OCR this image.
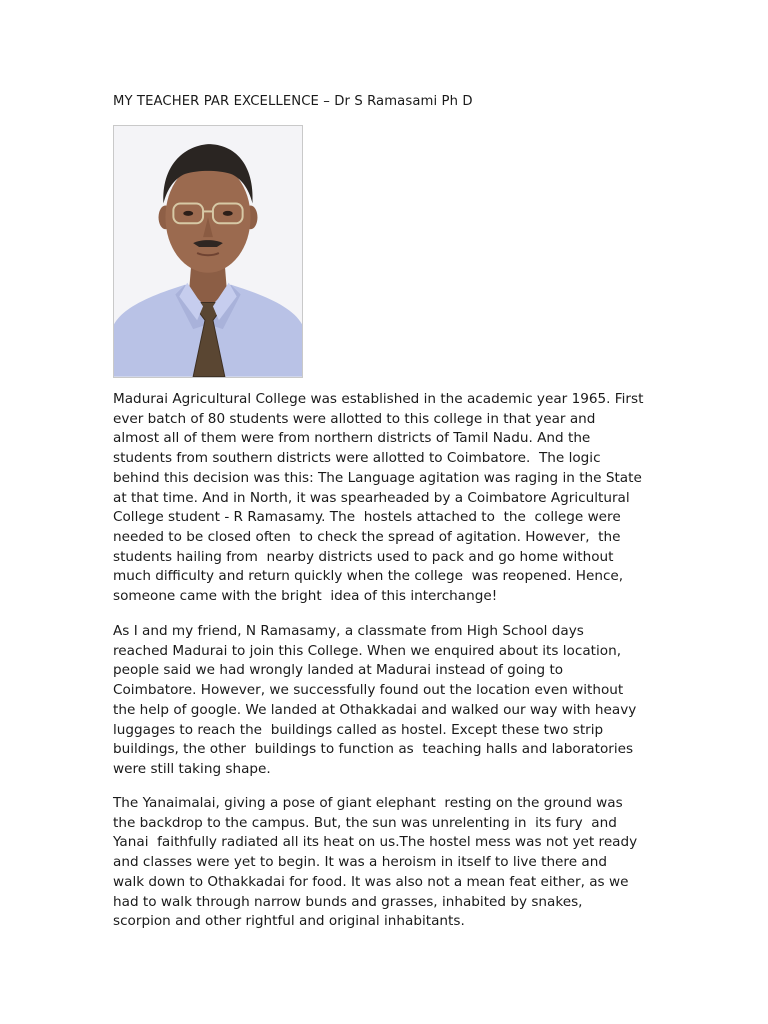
MY TEACHER PAR EXCELLENCE – Dr S Ramasami Ph D
Madurai Agricultural College was established in the academic year 1965. First
ever batch of 80 students were allotted to this college in that year and
almost all of them were from northern districts of Tamil Nadu. And the
students from southern districts were allotted to Coimbatore.  The logic
behind this decision was this: The Language agitation was raging in the State
at that time. And in North, it was spearheaded by a Coimbatore Agricultural
College student - R Ramasamy. The  hostels attached to  the  college were
needed to be closed often  to check the spread of agitation. However,  the
students hailing from  nearby districts used to pack and go home without
much difficulty and return quickly when the college  was reopened. Hence,
someone came with the bright  idea of this interchange!
As I and my friend, N Ramasamy, a classmate from High School days
reached Madurai to join this College. When we enquired about its location,
people said we had wrongly landed at Madurai instead of going to
Coimbatore. However, we successfully found out the location even without
the help of google. We landed at Othakkadai and walked our way with heavy
luggages to reach the  buildings called as hostel. Except these two strip
buildings, the other  buildings to function as  teaching halls and laboratories
were still taking shape.
The Yanaimalai, giving a pose of giant elephant  resting on the ground was
the backdrop to the campus. But, the sun was unrelenting in  its fury  and
Yanai  faithfully radiated all its heat on us.The hostel mess was not yet ready
and classes were yet to begin. It was a heroism in itself to live there and
walk down to Othakkadai for food. It was also not a mean feat either, as we
had to walk through narrow bunds and grasses, inhabited by snakes,
scorpion and other rightful and original inhabitants.
